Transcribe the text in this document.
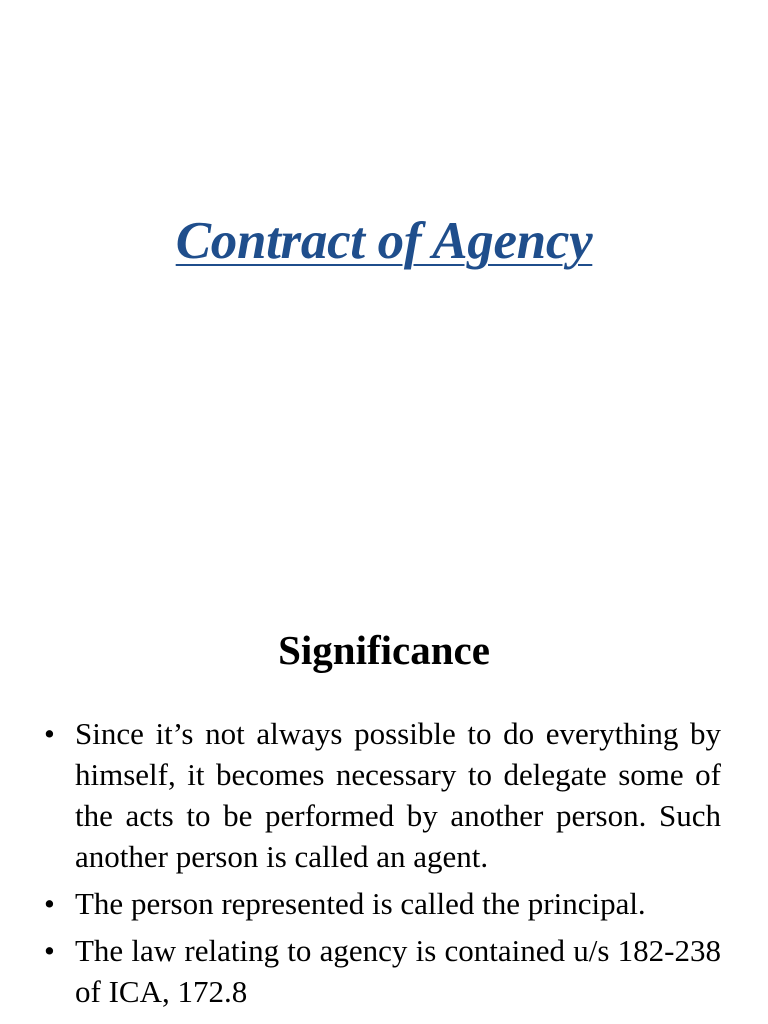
Contract of Agency
Significance
• Since it’s not always possible to do everything by himself, it becomes necessary to delegate some of the acts to be performed by another person. Such another person is called an agent.
• The person represented is called the principal.
• The law relating to agency is contained u/s 182-238 of ICA, 172.8
